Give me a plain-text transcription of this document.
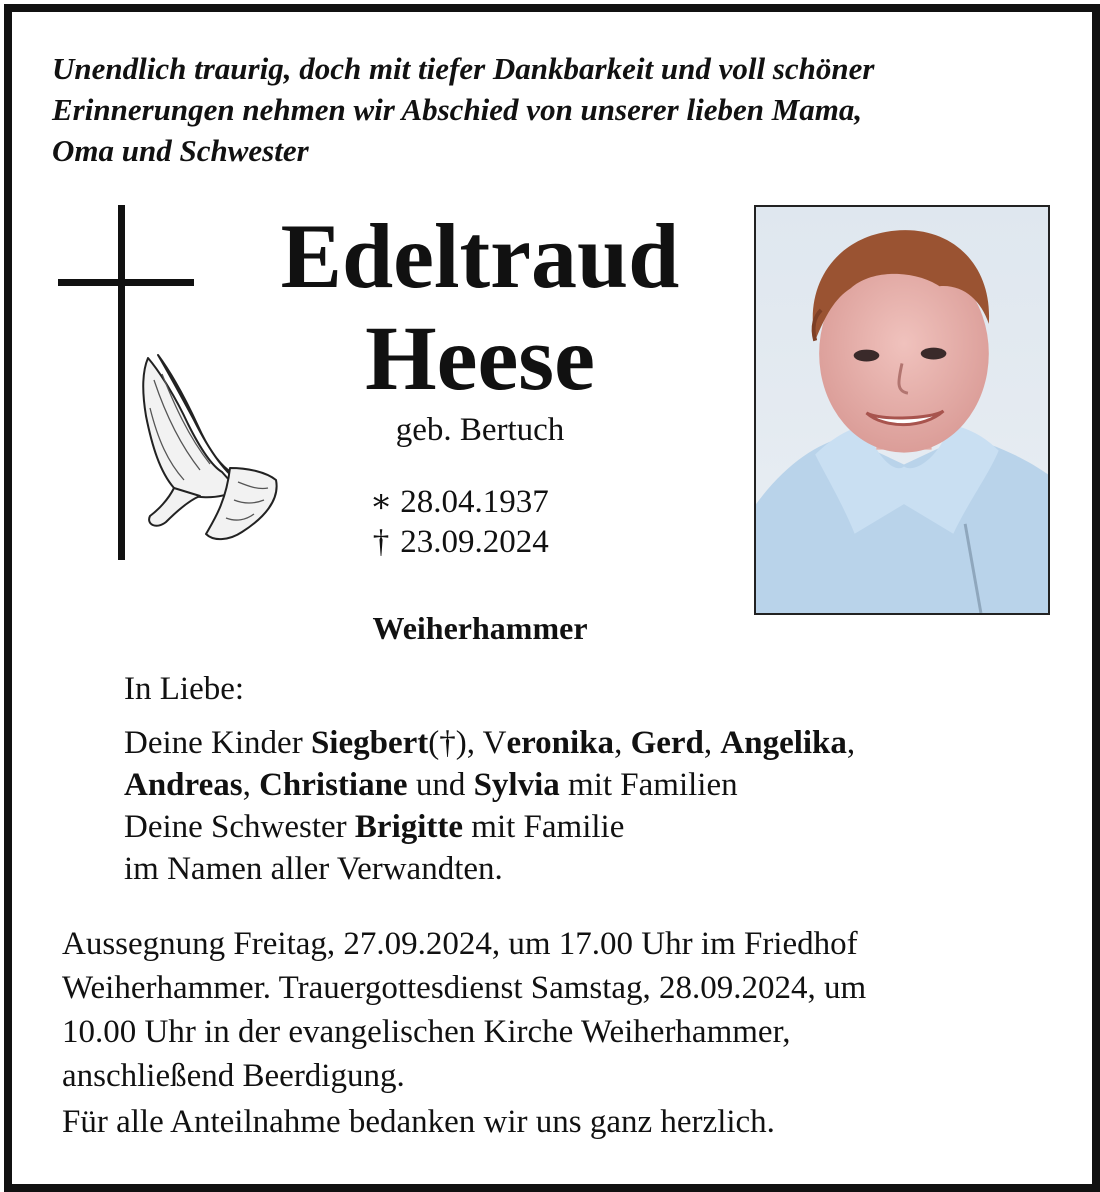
Unendlich traurig, doch mit tiefer Dankbarkeit und voll schöner
Erinnerungen nehmen wir Abschied von unserer lieben Mama,
Oma und Schwester

Edeltraud
Heese

geb. Bertuch

∗ 28.04.1937
† 23.09.2024

Weiherhammer

In Liebe:
Deine Kinder Siegbert(†), Veronika, Gerd, Angelika,
Andreas, Christiane und Sylvia mit Familien
Deine Schwester Brigitte mit Familie
im Namen aller Verwandten.
Aussegnung Freitag, 27.09.2024, um 17.00 Uhr im Friedhof
Weiherhammer. Trauergottesdienst Samstag, 28.09.2024, um
10.00 Uhr in der evangelischen Kirche Weiherhammer,
anschließend Beerdigung.

Für alle Anteilnahme bedanken wir uns ganz herzlich.
